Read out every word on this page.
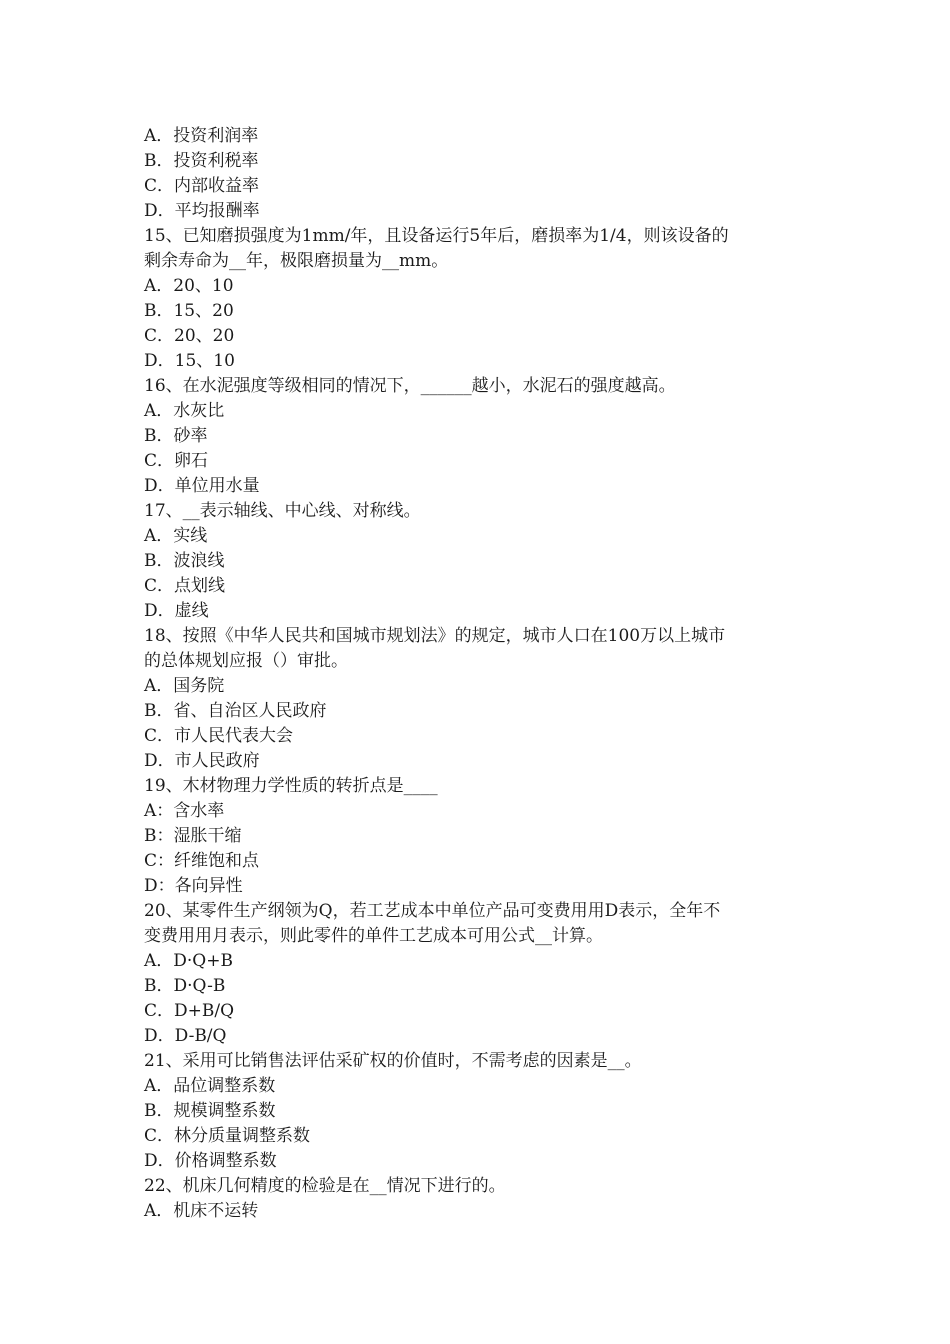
A．投资利润率
B．投资利税率
C．内部收益率
D．平均报酬率
15、已知磨损强度为1mm/年，且设备运行5年后，磨损率为1/4，则该设备的
剩余寿命为__年，极限磨损量为__mm。
A．20、10
B．15、20
C．20、20
D．15、10
16、在水泥强度等级相同的情况下，______越小，水泥石的强度越高。
A．水灰比
B．砂率
C．卵石
D．单位用水量
17、__表示轴线、中心线、对称线。
A．实线
B．波浪线
C．点划线
D．虚线
18、按照《中华人民共和国城市规划法》的规定，城市人口在100万以上城市
的总体规划应报（）审批。
A．国务院
B．省、自治区人民政府
C．市人民代表大会
D．市人民政府
19、木材物理力学性质的转折点是____
A：含水率
B：湿胀干缩
C：纤维饱和点
D：各向异性
20、某零件生产纲领为Q，若工艺成本中单位产品可变费用用D表示，全年不
变费用用月表示，则此零件的单件工艺成本可用公式__计算。
A．D·Q+B
B．D·Q-B
C．D+B/Q
D．D-B/Q
21、采用可比销售法评估采矿权的价值时，不需考虑的因素是__。
A．品位调整系数
B．规模调整系数
C．林分质量调整系数
D．价格调整系数
22、机床几何精度的检验是在__情况下进行的。
A．机床不运转
